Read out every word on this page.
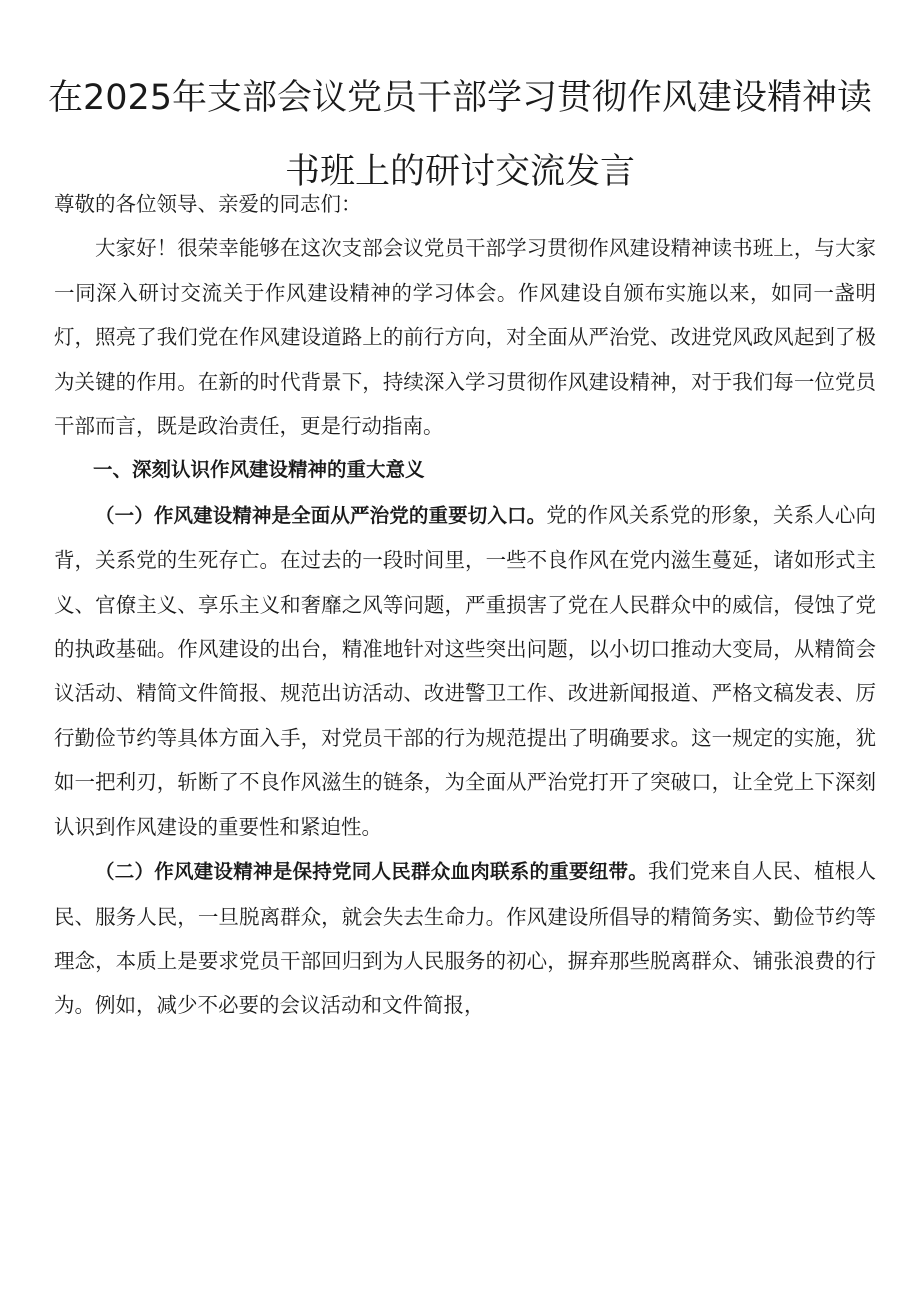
在2025年支部会议党员干部学习贯彻作风建设精神读
书班上的研讨交流发言

尊敬的各位领导、亲爱的同志们：

大家好！很荣幸能够在这次支部会议党员干部学习贯彻作风建设精神读书班上，与大家一同深入研讨交流关于作风建设精神的学习体会。作风建设自颁布实施以来，如同一盏明灯，照亮了我们党在作风建设道路上的前行方向，对全面从严治党、改进党风政风起到了极为关键的作用。在新的时代背景下，持续深入学习贯彻作风建设精神，对于我们每一位党员干部而言，既是政治责任，更是行动指南。

一、深刻认识作风建设精神的重大意义

（一）作风建设精神是全面从严治党的重要切入口。党的作风关系党的形象，关系人心向背，关系党的生死存亡。在过去的一段时间里，一些不良作风在党内滋生蔓延，诸如形式主义、官僚主义、享乐主义和奢靡之风等问题，严重损害了党在人民群众中的威信，侵蚀了党的执政基础。作风建设的出台，精准地针对这些突出问题，以小切口推动大变局，从精简会议活动、精简文件简报、规范出访活动、改进警卫工作、改进新闻报道、严格文稿发表、厉行勤俭节约等具体方面入手，对党员干部的行为规范提出了明确要求。这一规定的实施，犹如一把利刃，斩断了不良作风滋生的链条，为全面从严治党打开了突破口，让全党上下深刻认识到作风建设的重要性和紧迫性。

（二）作风建设精神是保持党同人民群众血肉联系的重要纽带。我们党来自人民、植根人民、服务人民，一旦脱离群众，就会失去生命力。作风建设所倡导的精简务实、勤俭节约等理念，本质上是要求党员干部回归到为人民服务的初心，摒弃那些脱离群众、铺张浪费的行为。例如，减少不必要的会议活动和文件简报，
